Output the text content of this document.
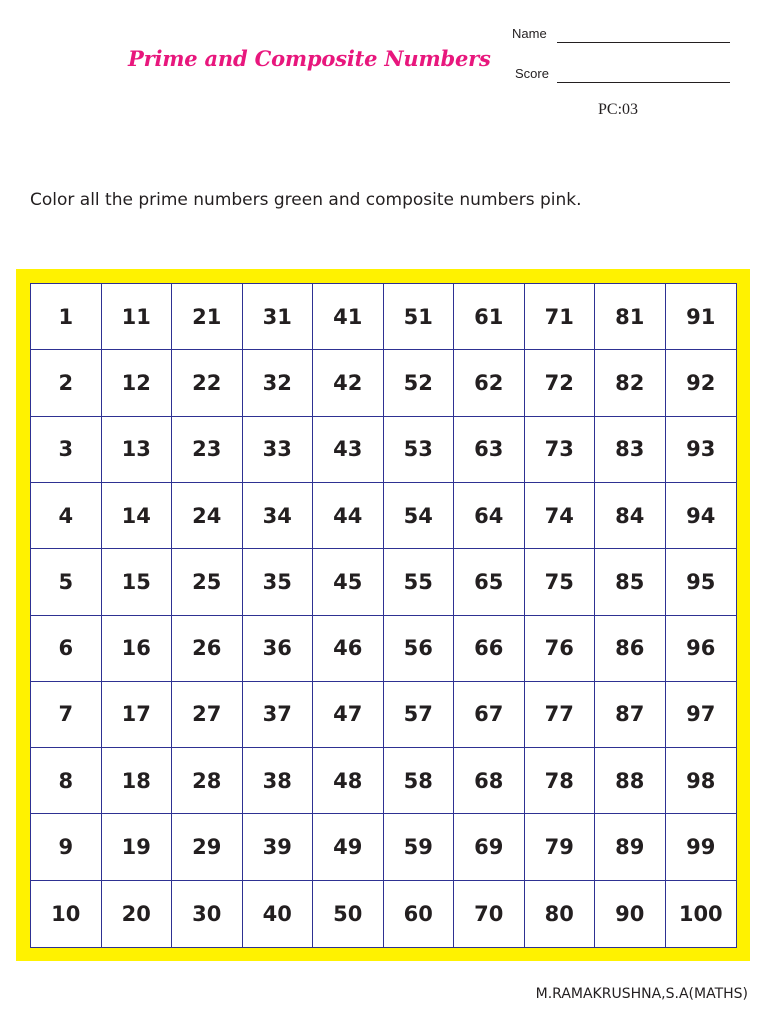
Prime and Composite Numbers
Name
Score
PC:03
Color all the prime numbers green and composite numbers pink.
1	11	21	31	41	51	61	71	81	91
2	12	22	32	42	52	62	72	82	92
3	13	23	33	43	53	63	73	83	93
4	14	24	34	44	54	64	74	84	94
5	15	25	35	45	55	65	75	85	95
6	16	26	36	46	56	66	76	86	96
7	17	27	37	47	57	67	77	87	97
8	18	28	38	48	58	68	78	88	98
9	19	29	39	49	59	69	79	89	99
10	20	30	40	50	60	70	80	90	100
M.RAMAKRUSHNA,S.A(MATHS)
